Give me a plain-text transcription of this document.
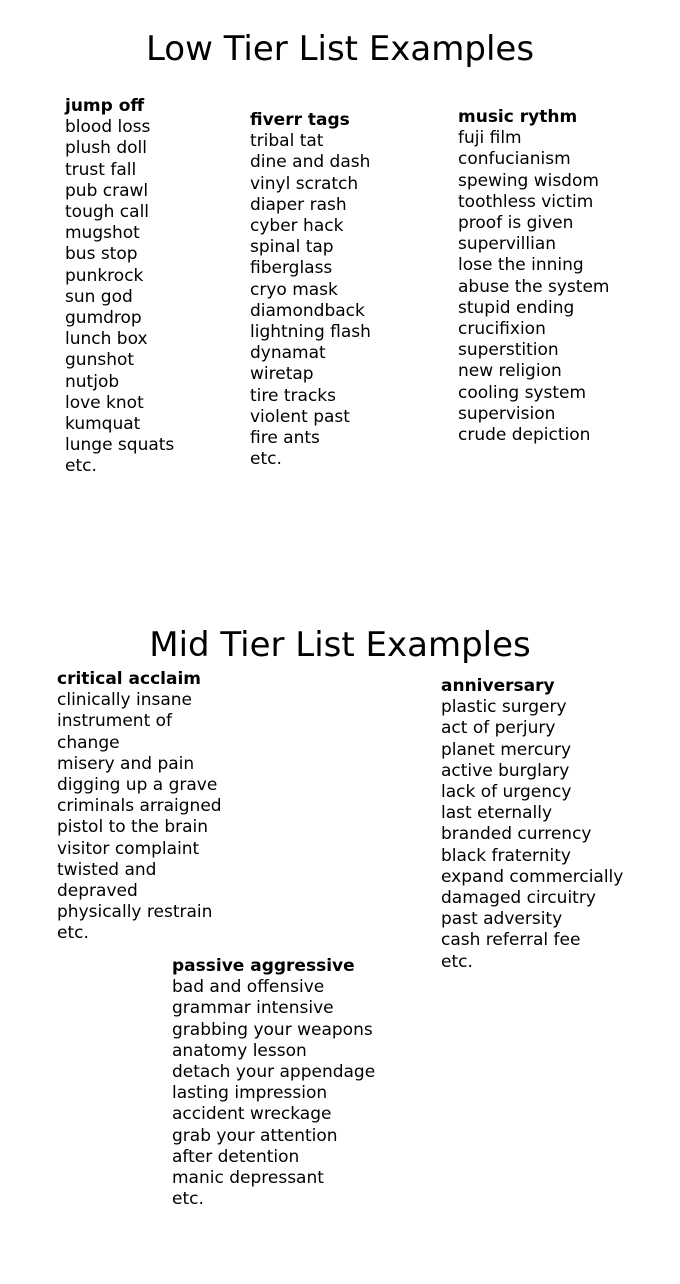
Low Tier List Examples
jump off
blood loss
plush doll
trust fall
pub crawl
tough call
mugshot
bus stop
punkrock
sun god
gumdrop
lunch box
gunshot
nutjob
love knot
kumquat
lunge squats
etc.
fiverr tags
tribal tat
dine and dash
vinyl scratch
diaper rash
cyber hack
spinal tap
fiberglass
cryo mask
diamondback
lightning flash
dynamat
wiretap
tire tracks
violent past
fire ants
etc.
music rythm
fuji film
confucianism
spewing wisdom
toothless victim
proof is given
supervillian
lose the inning
abuse the system
stupid ending
crucifixion
superstition
new religion
cooling system
supervision
crude depiction
Mid Tier List Examples
critical acclaim
clinically insane
instrument of
change
misery and pain
digging up a grave
criminals arraigned
pistol to the brain
visitor complaint
twisted and
depraved
physically restrain
etc.
anniversary
plastic surgery
act of perjury
planet mercury
active burglary
lack of urgency
last eternally
branded currency
black fraternity
expand commercially
damaged circuitry
past adversity
cash referral fee
etc.
passive aggressive
bad and offensive
grammar intensive
grabbing your weapons
anatomy lesson
detach your appendage
lasting impression
accident wreckage
grab your attention
after detention
manic depressant
etc.
